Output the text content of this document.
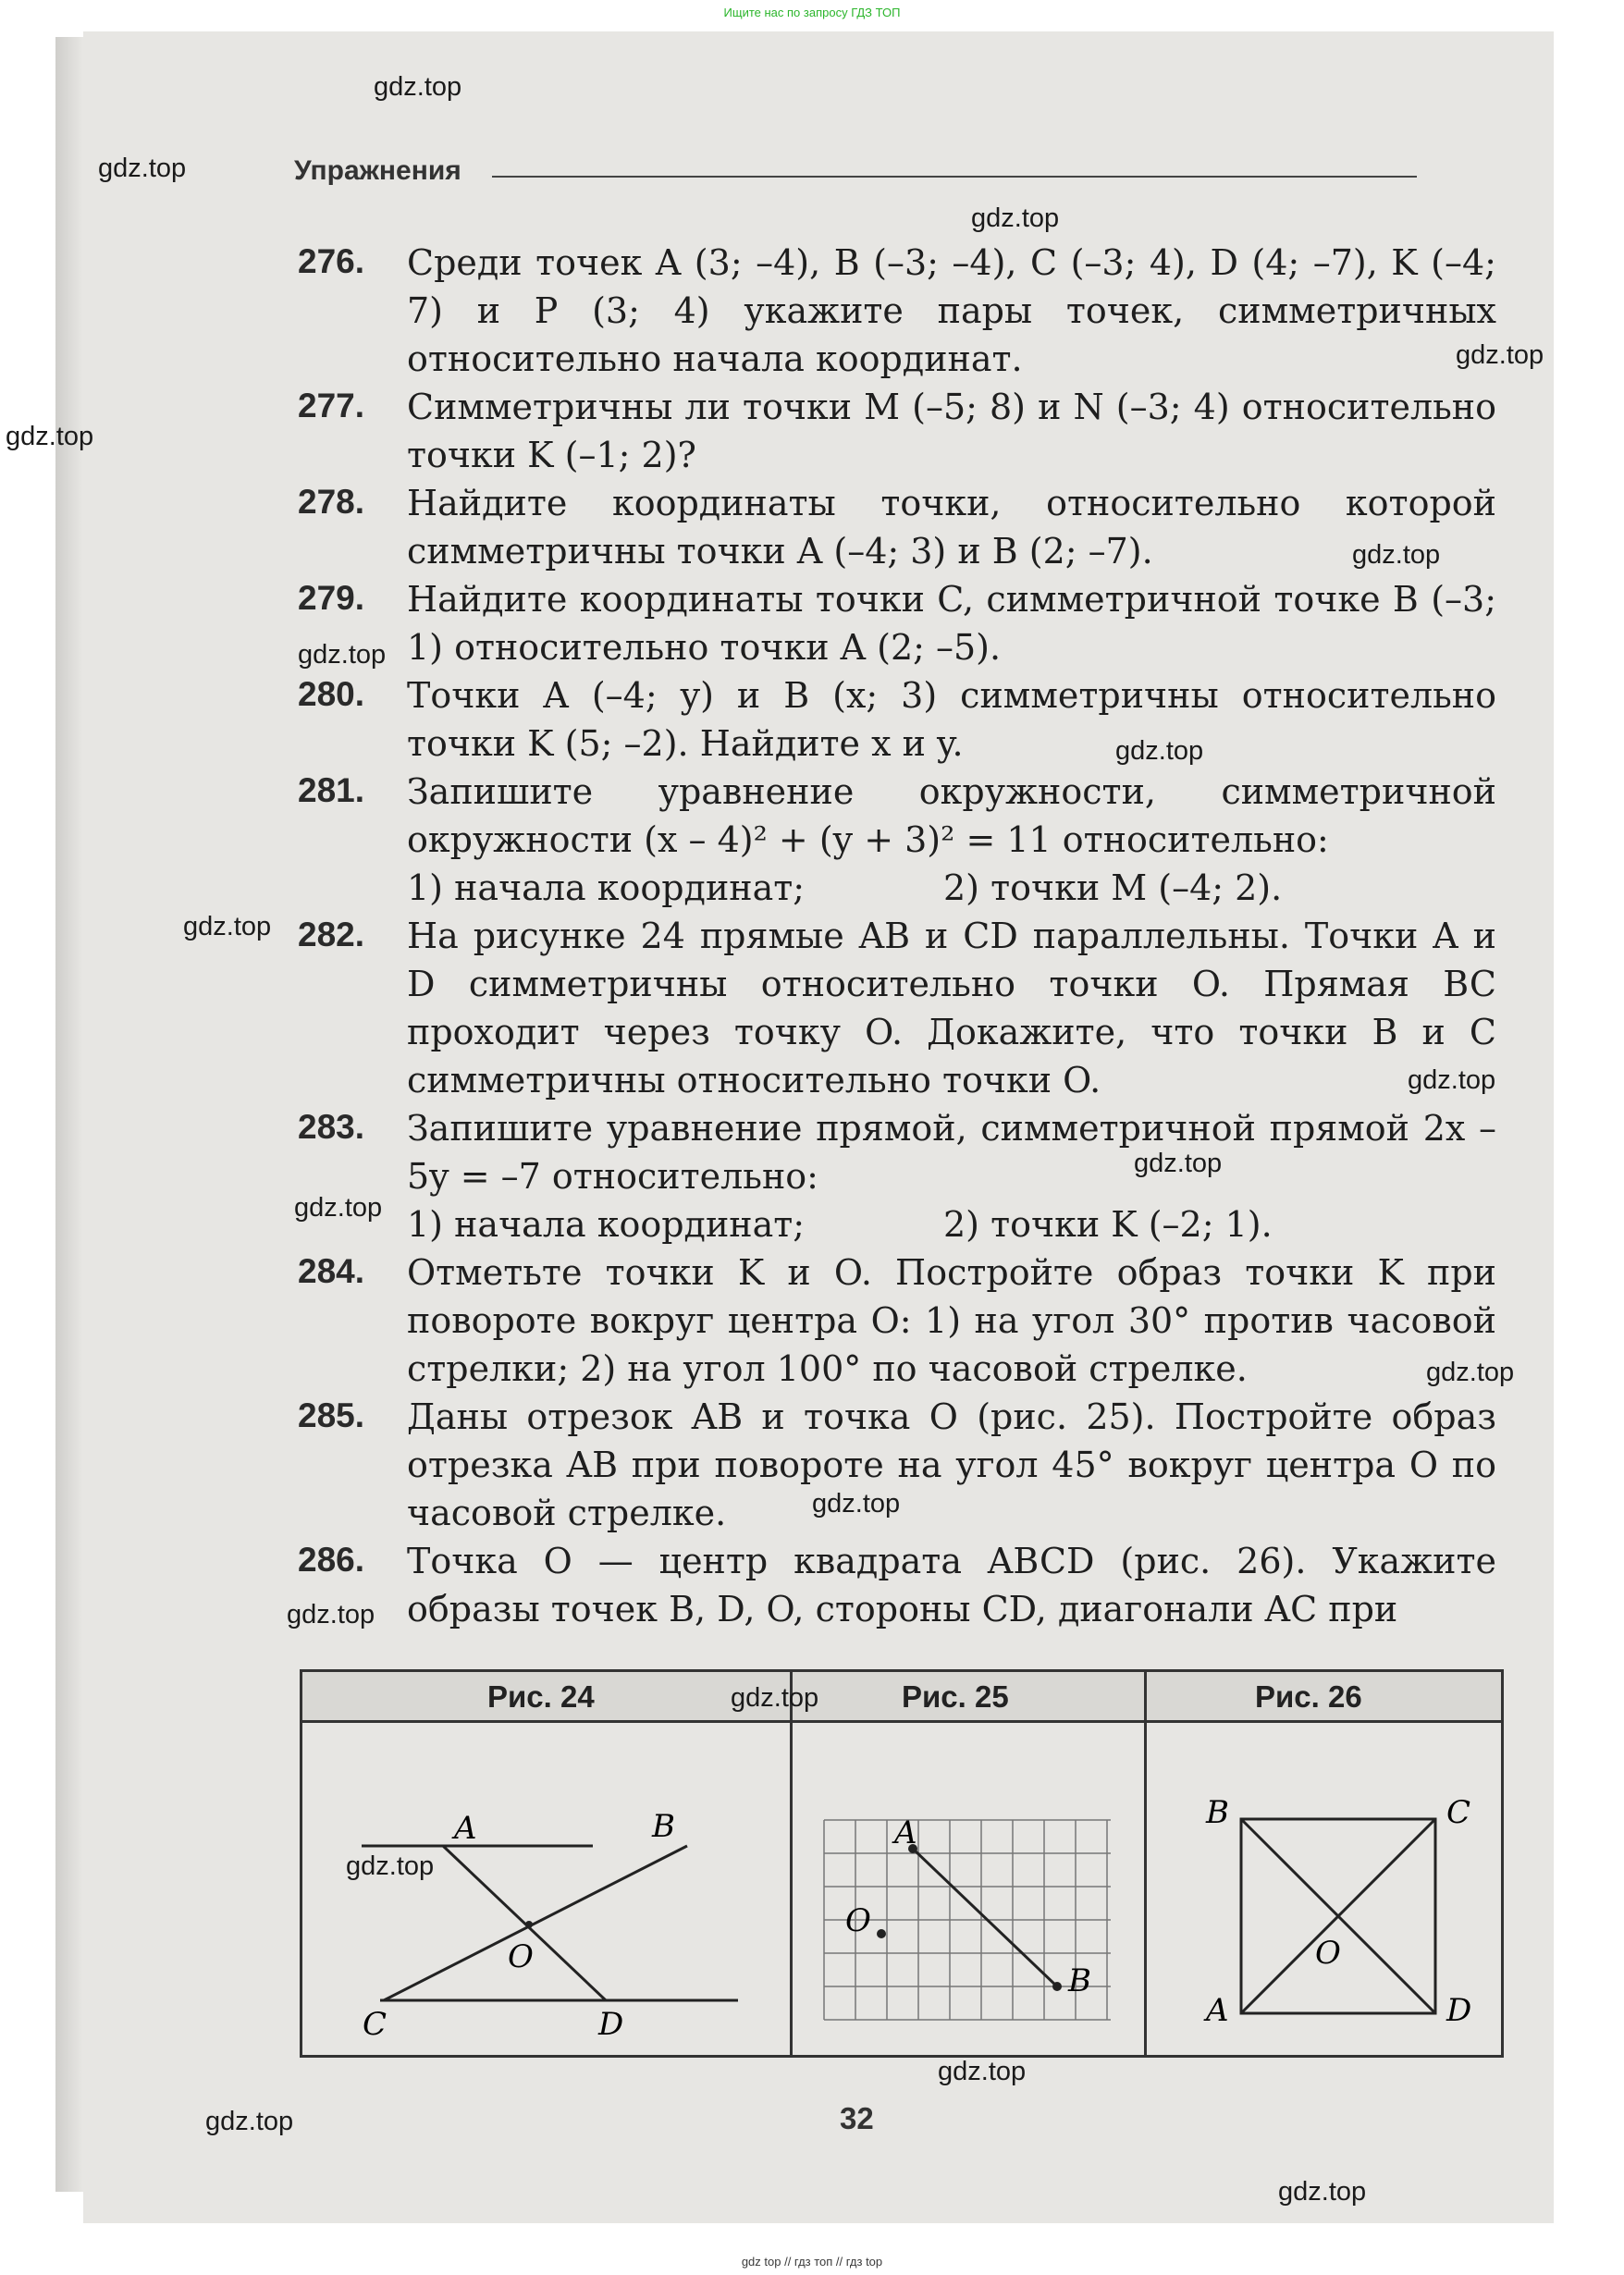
Ищите нас по запросу ГДЗ ТОП
Упражнения
276. Среди точек A (3; –4), B (–3; –4), C (–3; 4), D (4; –7), K (–4; 7) и P (3; 4) укажите пары точек, симметричных относительно начала координат.
277. Симметричны ли точки M (–5; 8) и N (–3; 4) относительно точки K (–1; 2)?
278. Найдите координаты точки, относительно которой симметричны точки A (–4; 3) и B (2; –7).
279. Найдите координаты точки C, симметричной точке B (–3; 1) относительно точки A (2; –5).
280. Точки A (–4; y) и B (x; 3) симметричны относительно точки K (5; –2). Найдите x и y.
281. Запишите уравнение окружности, симметричной окружности (x – 4)² + (y + 3)² = 11 относительно:
1) начала координат;	2) точки M (–4; 2).
282. На рисунке 24 прямые AB и CD параллельны. Точки A и D симметричны относительно точки O. Прямая BC проходит через точку O. Докажите, что точки B и C симметричны относительно точки O.
283. Запишите уравнение прямой, симметричной прямой 2x – 5y = –7 относительно:
1) начала координат;	2) точки K (–2; 1).
284. Отметьте точки K и O. Постройте образ точки K при повороте вокруг центра O: 1) на угол 30° против часовой стрелки; 2) на угол 100° по часовой стрелке.
285. Даны отрезок AB и точка O (рис. 25). Постройте образ отрезка AB при повороте на угол 45° вокруг центра O по часовой стрелке.
286. Точка O — центр квадрата ABCD (рис. 26). Укажите образы точек B, D, O, стороны CD, диагонали AC при
Рис. 24	Рис. 25	Рис. 26
A	B
C	D
O
A
B
O
B	C
A	D
O
32
gdz.top
gdz.top
gdz.top
gdz.top
gdz.top
gdz.top
gdz.top
gdz.top
gdz.top
gdz.top
gdz.top
gdz.top
gdz.top
gdz.top
gdz.top
gdz.top
gdz.top
gdz.top
gdz.top
gdz.top
gdz top // гдз топ // гдз top
